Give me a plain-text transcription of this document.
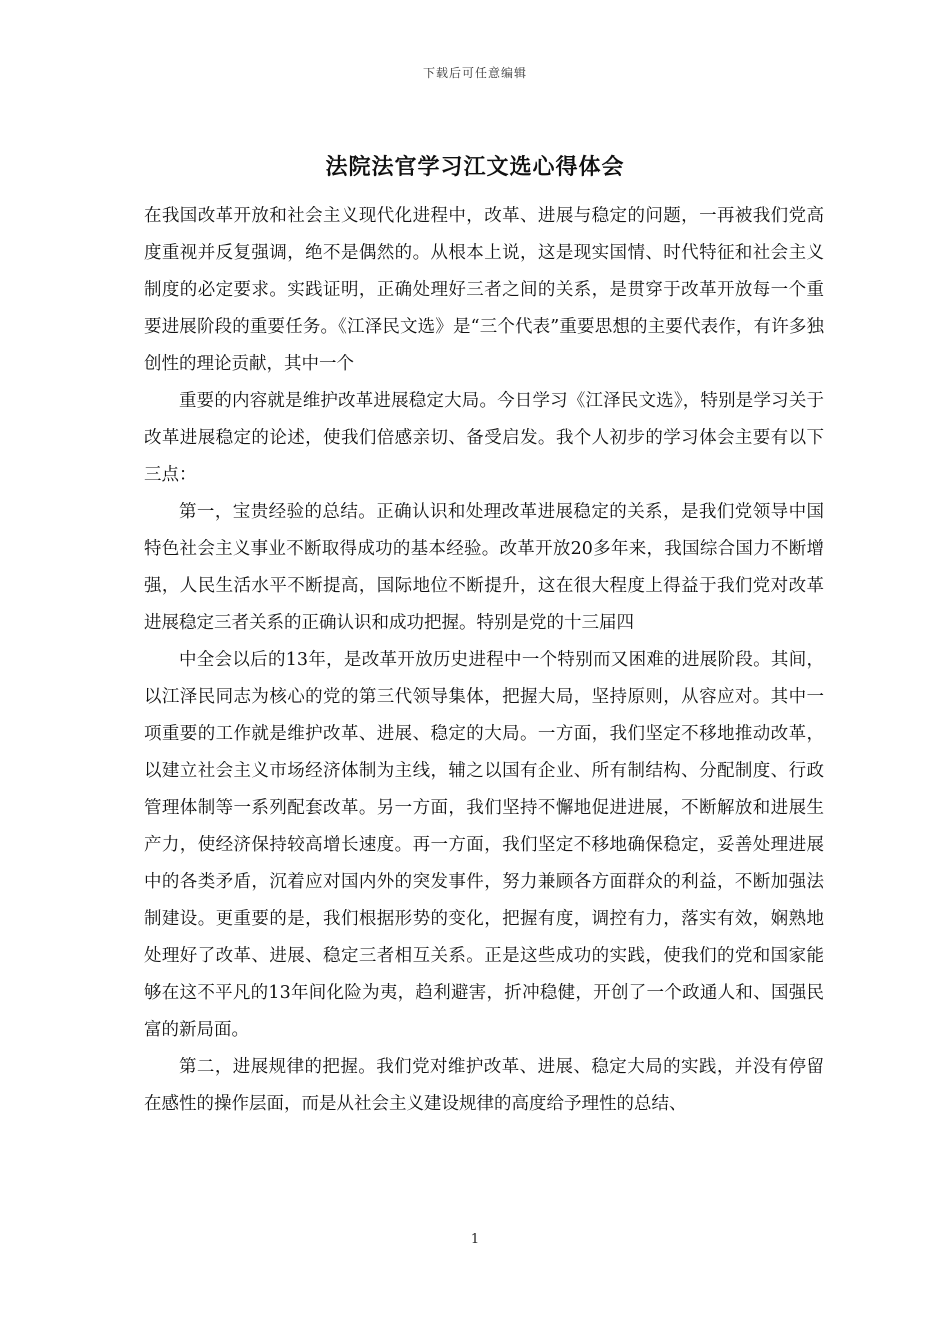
下载后可任意编辑
法院法官学习江文选心得体会

在我国改革开放和社会主义现代化进程中，改革、进展与稳定的问题，一再被我们党高度重视并反复强调，绝不是偶然的。从根本上说，这是现实国情、时代特征和社会主义制度的必定要求。实践证明，正确处理好三者之间的关系，是贯穿于改革开放每一个重要进展阶段的重要任务。《江泽民文选》是“三个代表”重要思想的主要代表作，有许多独创性的理论贡献，其中一个

重要的内容就是维护改革进展稳定大局。今日学习《江泽民文选》，特别是学习关于改革进展稳定的论述，使我们倍感亲切、备受启发。我个人初步的学习体会主要有以下三点：

第一，宝贵经验的总结。正确认识和处理改革进展稳定的关系，是我们党领导中国特色社会主义事业不断取得成功的基本经验。改革开放20多年来，我国综合国力不断增强，人民生活水平不断提高，国际地位不断提升，这在很大程度上得益于我们党对改革进展稳定三者关系的正确认识和成功把握。特别是党的十三届四

中全会以后的13年，是改革开放历史进程中一个特别而又困难的进展阶段。其间，以江泽民同志为核心的党的第三代领导集体，把握大局，坚持原则，从容应对。其中一项重要的工作就是维护改革、进展、稳定的大局。一方面，我们坚定不移地推动改革，以建立社会主义市场经济体制为主线，辅之以国有企业、所有制结构、分配制度、行政管理体制等一系列配套改革。另一方面，我们坚持不懈地促进进展，不断解放和进展生产力，使经济保持较高增长速度。再一方面，我们坚定不移地确保稳定，妥善处理进展中的各类矛盾，沉着应对国内外的突发事件，努力兼顾各方面群众的利益，不断加强法制建设。更重要的是，我们根据形势的变化，把握有度，调控有力，落实有效，娴熟地处理好了改革、进展、稳定三者相互关系。正是这些成功的实践，使我们的党和国家能够在这不平凡的13年间化险为夷，趋利避害，折冲稳健，开创了一个政通人和、国强民富的新局面。

第二，进展规律的把握。我们党对维护改革、进展、稳定大局的实践，并没有停留在感性的操作层面，而是从社会主义建设规律的高度给予理性的总结、

1
